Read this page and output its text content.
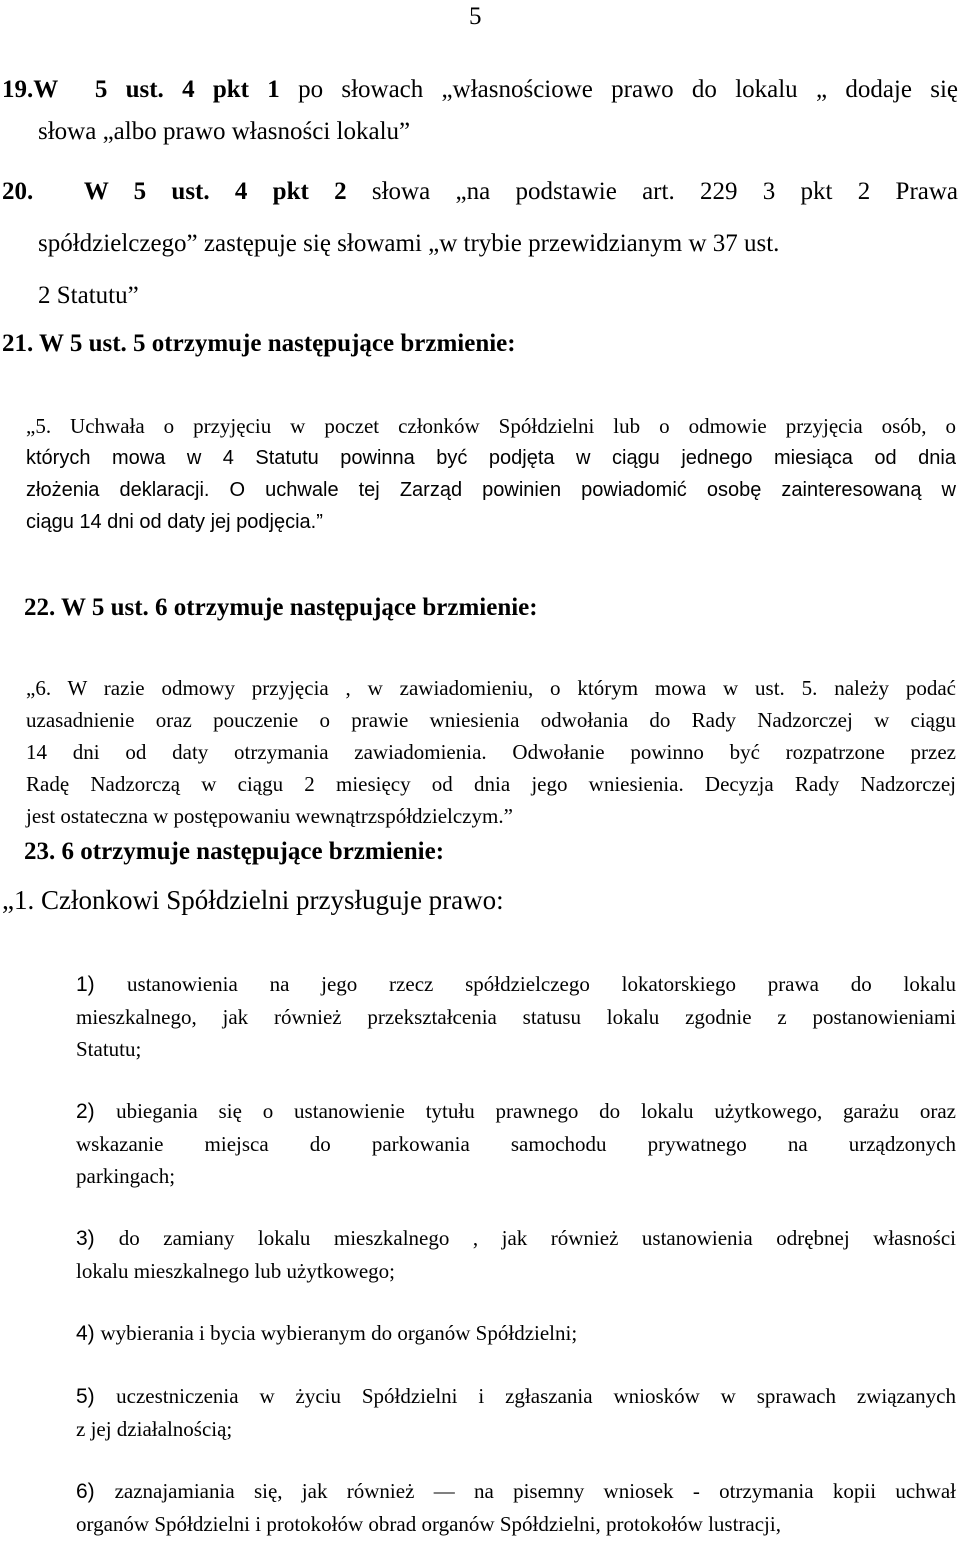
5
19.W 5 ust. 4 pkt 1 po słowach „własnościowe prawo do lokalu „ dodaje się
słowa „albo prawo własności lokalu”
20. W 5 ust. 4 pkt 2 słowa „na podstawie art. 229 3 pkt 2 Prawa
spółdzielczego” zastępuje się słowami „w trybie przewidzianym w 37 ust.
2 Statutu”
21. W 5 ust. 5 otrzymuje następujące brzmienie:
„5. Uchwała o przyjęciu w poczet członków Spółdzielni lub o odmowie przyjęcia osób, o
których mowa w 4 Statutu powinna być podjęta w ciągu jednego miesiąca od dnia
złożenia deklaracji. O uchwale tej Zarząd powinien powiadomić osobę zainteresowaną w
ciągu 14 dni od daty jej podjęcia.”
22. W 5 ust. 6 otrzymuje następujące brzmienie:
„6. W razie odmowy przyjęcia , w zawiadomieniu, o którym mowa w ust. 5. należy podać
uzasadnienie oraz pouczenie o prawie wniesienia odwołania do Rady Nadzorczej w ciągu
14 dni od daty otrzymania zawiadomienia. Odwołanie powinno być rozpatrzone przez
Radę Nadzorczą w ciągu 2 miesięcy od dnia jego wniesienia. Decyzja Rady Nadzorczej
jest ostateczna w postępowaniu wewnątrzspółdzielczym.”
23. 6 otrzymuje następujące brzmienie:
„1. Członkowi Spółdzielni przysługuje prawo:
1) ustanowienia na jego rzecz spółdzielczego lokatorskiego prawa do lokalu
mieszkalnego, jak również przekształcenia statusu lokalu zgodnie z postanowieniami
Statutu;
2) ubiegania się o ustanowienie tytułu prawnego do lokalu użytkowego, garażu oraz
wskazanie miejsca do parkowania samochodu prywatnego na urządzonych
parkingach;
3) do zamiany lokalu mieszkalnego , jak również ustanowienia odrębnej własności
lokalu mieszkalnego lub użytkowego;
4) wybierania i bycia wybieranym do organów Spółdzielni;
5) uczestniczenia w życiu Spółdzielni i zgłaszania wniosków w sprawach związanych
z jej działalnością;
6) zaznajamiania się, jak również — na pisemny wniosek - otrzymania kopii uchwał
organów Spółdzielni i protokołów obrad organów Spółdzielni, protokołów lustracji,
